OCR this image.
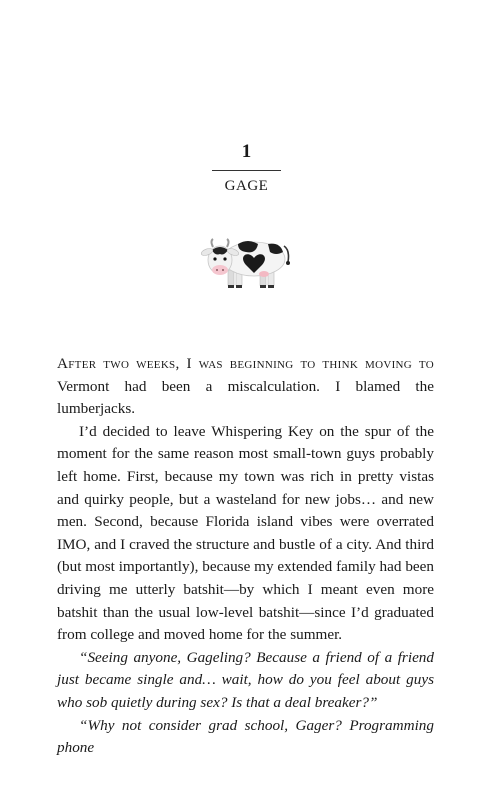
1
GAGE

After two weeks, I was beginning to think moving to Vermont had been a miscalculation. I blamed the lumberjacks.

I’d decided to leave Whispering Key on the spur of the moment for the same reason most small-town guys probably left home. First, because my town was rich in pretty vistas and quirky people, but a wasteland for new jobs… and new men. Second, because Florida island vibes were overrated IMO, and I craved the structure and bustle of a city. And third (but most importantly), because my extended family had been driving me utterly batshit—by which I meant even more batshit than the usual low-level batshit—since I’d graduated from college and moved home for the summer.

“Seeing anyone, Gageling? Because a friend of a friend just became single and… wait, how do you feel about guys who sob quietly during sex? Is that a deal breaker?”

“Why not consider grad school, Gager? Programming phone
